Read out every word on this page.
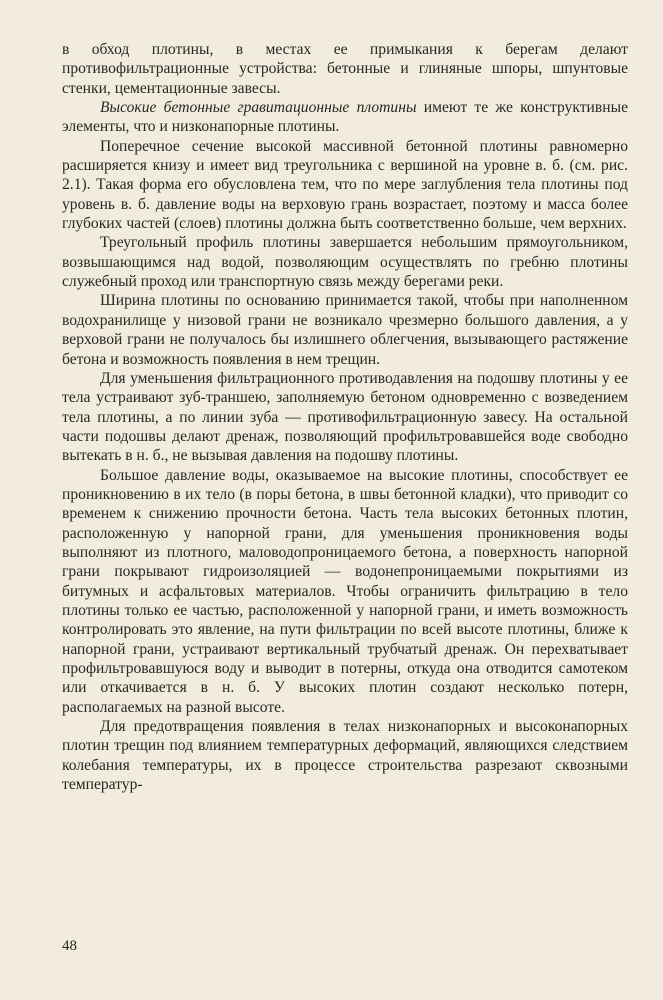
в обход плотины, в местах ее примыкания к берегам делают противофильтрационные устройства: бетонные и глиняные шпоры, шпунтовые стенки, цементационные завесы.

Высокие бетонные гравитационные плотины имеют те же конструктивные элементы, что и низконапорные плотины.

Поперечное сечение высокой массивной бетонной плотины равномерно расширяется книзу и имеет вид треугольника с вершиной на уровне в. б. (см. рис. 2.1). Такая форма его обусловлена тем, что по мере заглубления тела плотины под уровень в. б. давление воды на верховую грань возрастает, поэтому и масса более глубоких частей (слоев) плотины должна быть соответственно больше, чем верхних.

Треугольный профиль плотины завершается небольшим прямоугольником, возвышающимся над водой, позволяющим осуществлять по гребню плотины служебный проход или транспортную связь между берегами реки.

Ширина плотины по основанию принимается такой, чтобы при наполненном водохранилище у низовой грани не возникало чрезмерно большого давления, а у верховой грани не получалось бы излишнего облегчения, вызывающего растяжение бетона и возможность появления в нем трещин.

Для уменьшения фильтрационного противодавления на подошву плотины у ее тела устраивают зуб-траншею, заполняемую бетоном одновременно с возведением тела плотины, а по линии зуба — противофильтрационную завесу. На остальной части подошвы делают дренаж, позволяющий профильтровавшейся воде свободно вытекать в н. б., не вызывая давления на подошву плотины.

Большое давление воды, оказываемое на высокие плотины, способствует ее проникновению в их тело (в поры бетона, в швы бетонной кладки), что приводит со временем к снижению прочности бетона. Часть тела высоких бетонных плотин, расположенную у напорной грани, для уменьшения проникновения воды выполняют из плотного, маловодопроницаемого бетона, а поверхность напорной грани покрывают гидроизоляцией — водонепроницаемыми покрытиями из битумных и асфальтовых материалов. Чтобы ограничить фильтрацию в тело плотины только ее частью, расположенной у напорной грани, и иметь возможность контролировать это явление, на пути фильтрации по всей высоте плотины, ближе к напорной грани, устраивают вертикальный трубчатый дренаж. Он перехватывает профильтровавшуюся воду и выводит в потерны, откуда она отводится самотеком или откачивается в н. б. У высоких плотин создают несколько потерн, располагаемых на разной высоте.

Для предотвращения появления в телах низконапорных и высоконапорных плотин трещин под влиянием температурных деформаций, являющихся следствием колебания температуры, их в процессе строительства разрезают сквозными температур-

48
